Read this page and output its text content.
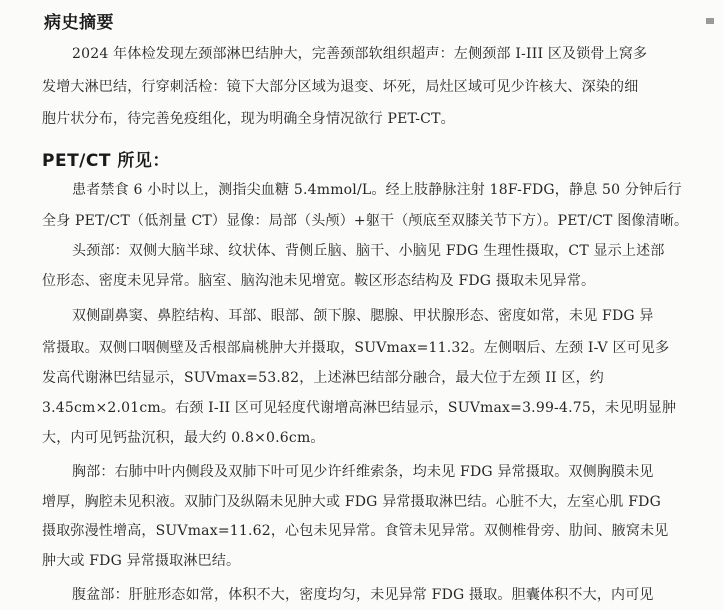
病史摘要
2024 年体检发现左颈部淋巴结肿大，完善颈部软组织超声：左侧颈部 I-III 区及锁骨上窝多
发增大淋巴结，行穿刺活检：镜下大部分区域为退变、坏死，局灶区域可见少许核大、深染的细
胞片状分布，待完善免疫组化，现为明确全身情况欲行 PET-CT。
PET/CT 所见：
患者禁食 6 小时以上，测指尖血糖 5.4mmol/L。经上肢静脉注射 18F-FDG，静息 50 分钟后行
全身 PET/CT（低剂量 CT）显像：局部（头颅）+躯干（颅底至双膝关节下方）。PET/CT 图像清晰。
头颈部：双侧大脑半球、纹状体、背侧丘脑、脑干、小脑见 FDG 生理性摄取，CT 显示上述部
位形态、密度未见异常。脑室、脑沟池未见增宽。鞍区形态结构及 FDG 摄取未见异常。
双侧副鼻窦、鼻腔结构、耳部、眼部、颌下腺、腮腺、甲状腺形态、密度如常，未见 FDG 异
常摄取。双侧口咽侧壁及舌根部扁桃肿大并摄取，SUVmax=11.32。左侧咽后、左颈 I-V 区可见多
发高代谢淋巴结显示，SUVmax=53.82，上述淋巴结部分融合，最大位于左颈 II 区，约
3.45cm×2.01cm。右颈 I-II 区可见轻度代谢增高淋巴结显示，SUVmax=3.99-4.75，未见明显肿
大，内可见钙盐沉积，最大约 0.8×0.6cm。
胸部：右肺中叶内侧段及双肺下叶可见少许纤维索条，均未见 FDG 异常摄取。双侧胸膜未见
增厚，胸腔未见积液。双肺门及纵隔未见肿大或 FDG 异常摄取淋巴结。心脏不大，左室心肌 FDG
摄取弥漫性增高，SUVmax=11.62，心包未见异常。食管未见异常。双侧椎骨旁、肋间、腋窝未见
肿大或 FDG 异常摄取淋巴结。
腹盆部：肝脏形态如常，体积不大，密度均匀，未见异常 FDG 摄取。胆囊体积不大，内可见
